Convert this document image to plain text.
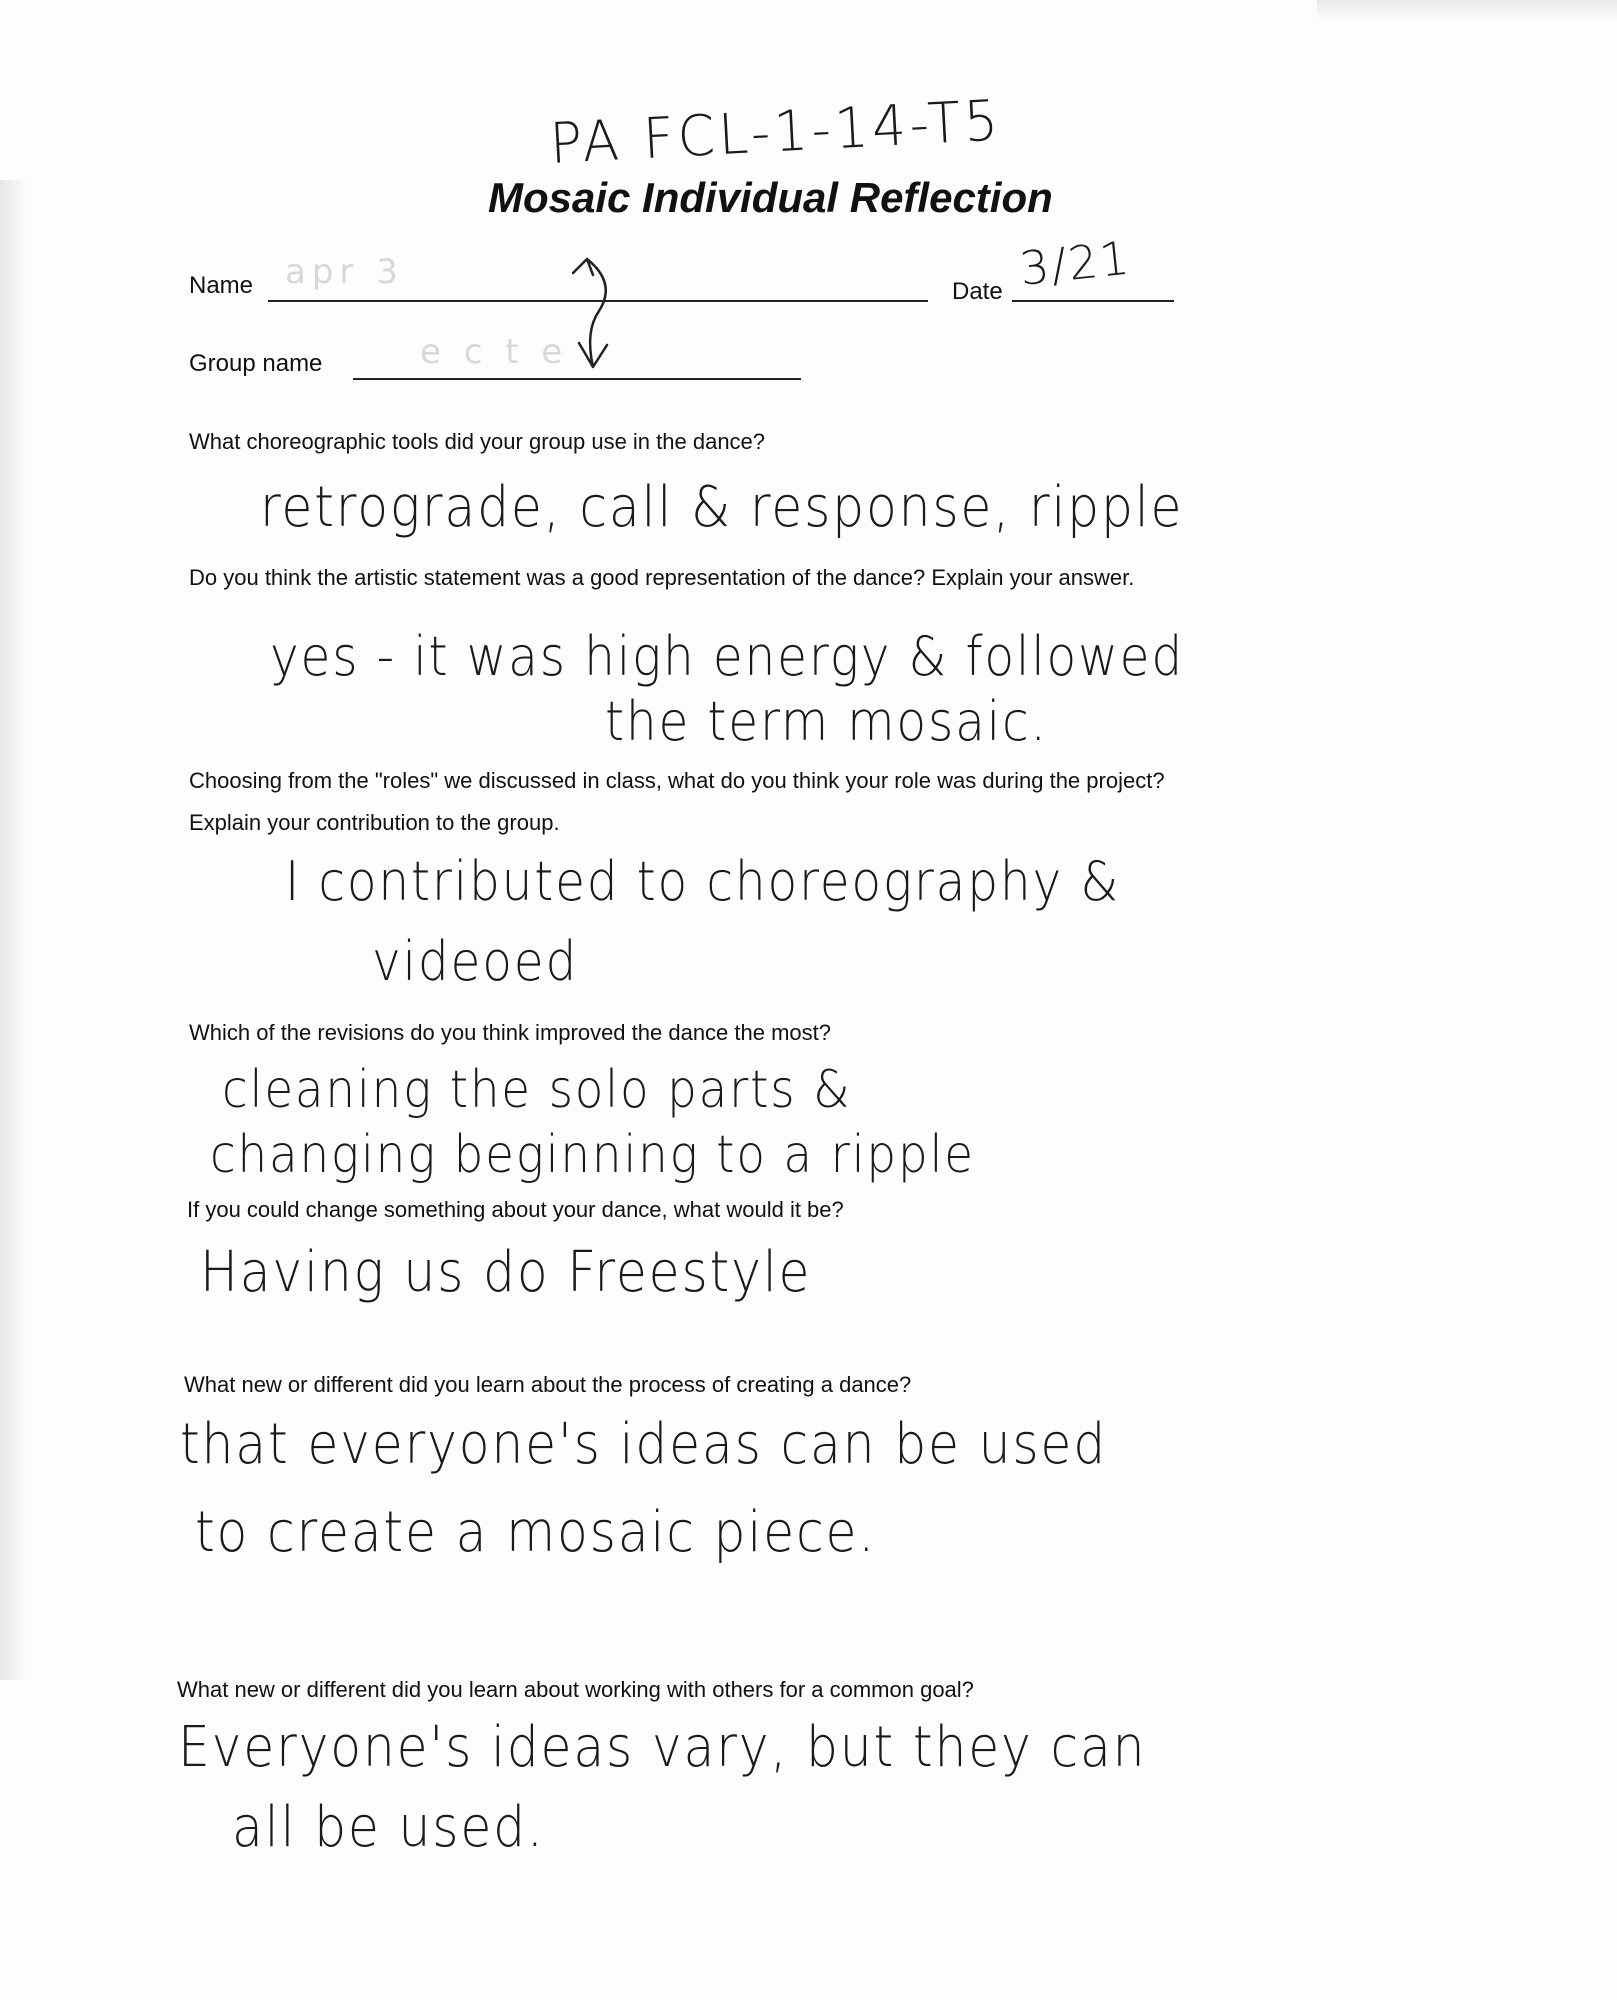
PA FCL-1-14-T5
Mosaic Individual Reflection
Name apr 3	Date 3/21
Group name	e c t e
What choreographic tools did your group use in the dance?
retrograde, call & response, ripple
Do you think the artistic statement was a good representation of the dance? Explain your answer.
yes - it was high energy & followed
the term mosaic.
Choosing from the "roles" we discussed in class, what do you think your role was during the project?
Explain your contribution to the group.
I contributed to choreography &
videoed
Which of the revisions do you think improved the dance the most?
cleaning the solo parts &
changing beginning to a ripple
If you could change something about your dance, what would it be?
Having us do Freestyle
What new or different did you learn about the process of creating a dance?
that everyone's ideas can be used
to create a mosaic piece.
What new or different did you learn about working with others for a common goal?
Everyone's ideas vary, but they can
all be used.
